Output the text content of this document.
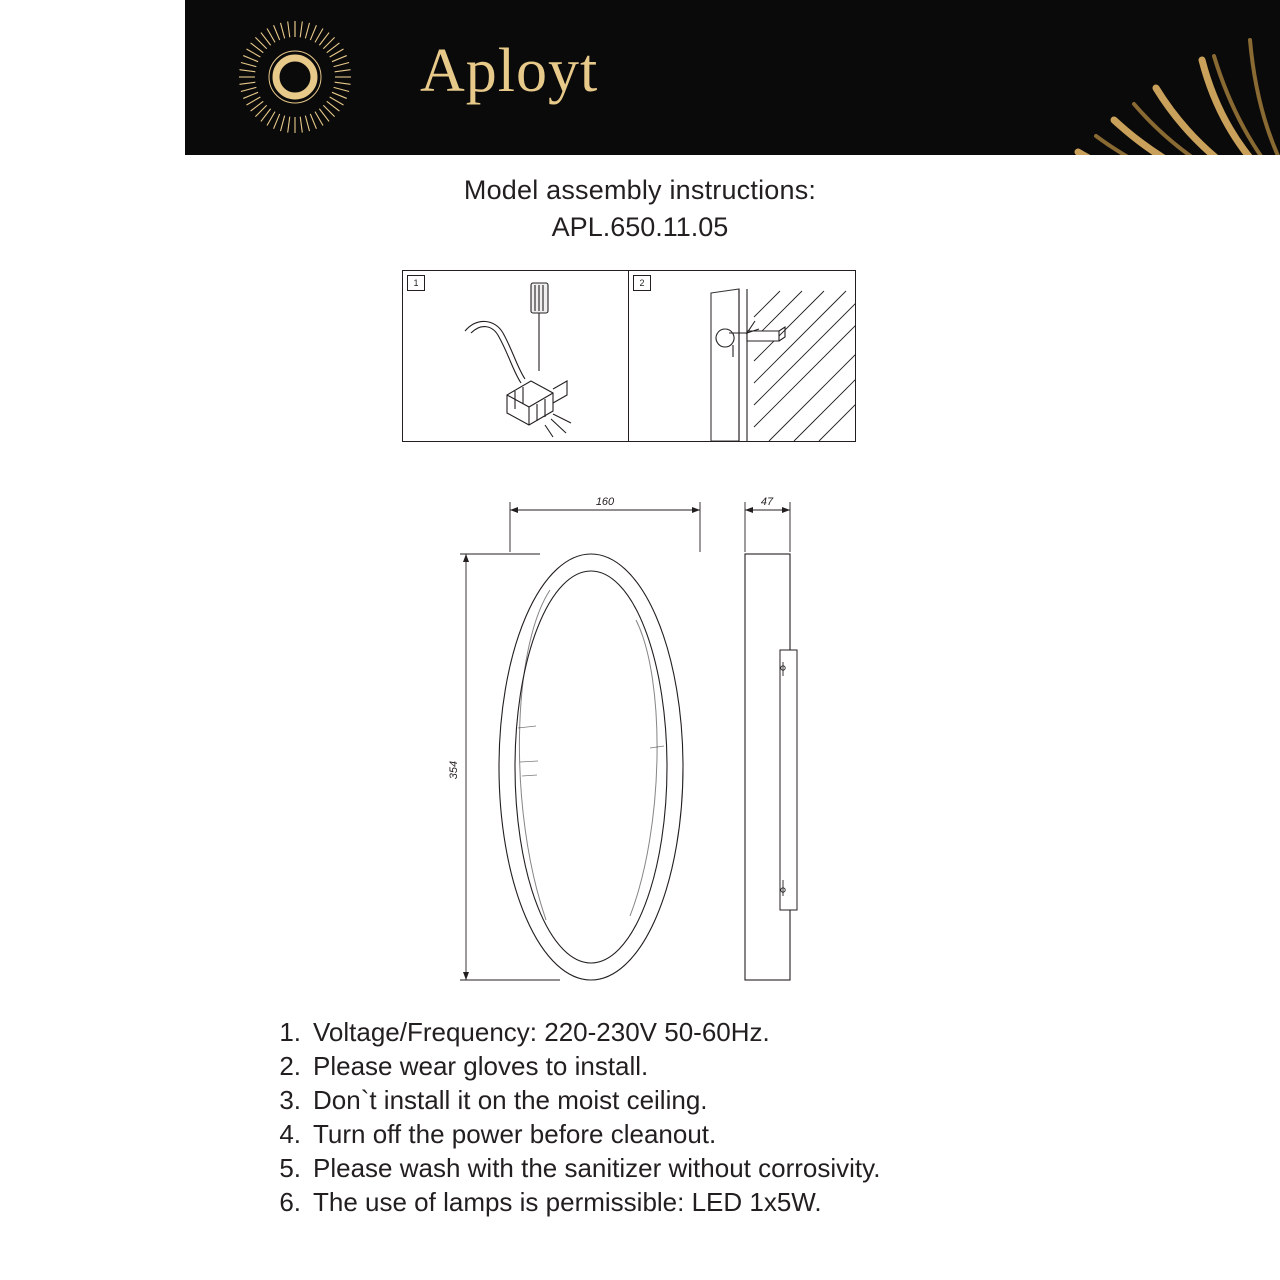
Aployt
Model assembly instructions:
APL.650.11.05
1	2
160	47
354
1. Voltage/Frequency: 220-230V 50-60Hz.
2. Please wear gloves to install.
3. Don`t install it on the moist ceiling.
4. Turn off the power before cleanout.
5. Please wash with the sanitizer without corrosivity.
6. The use of lamps is permissible: LED 1x5W.
